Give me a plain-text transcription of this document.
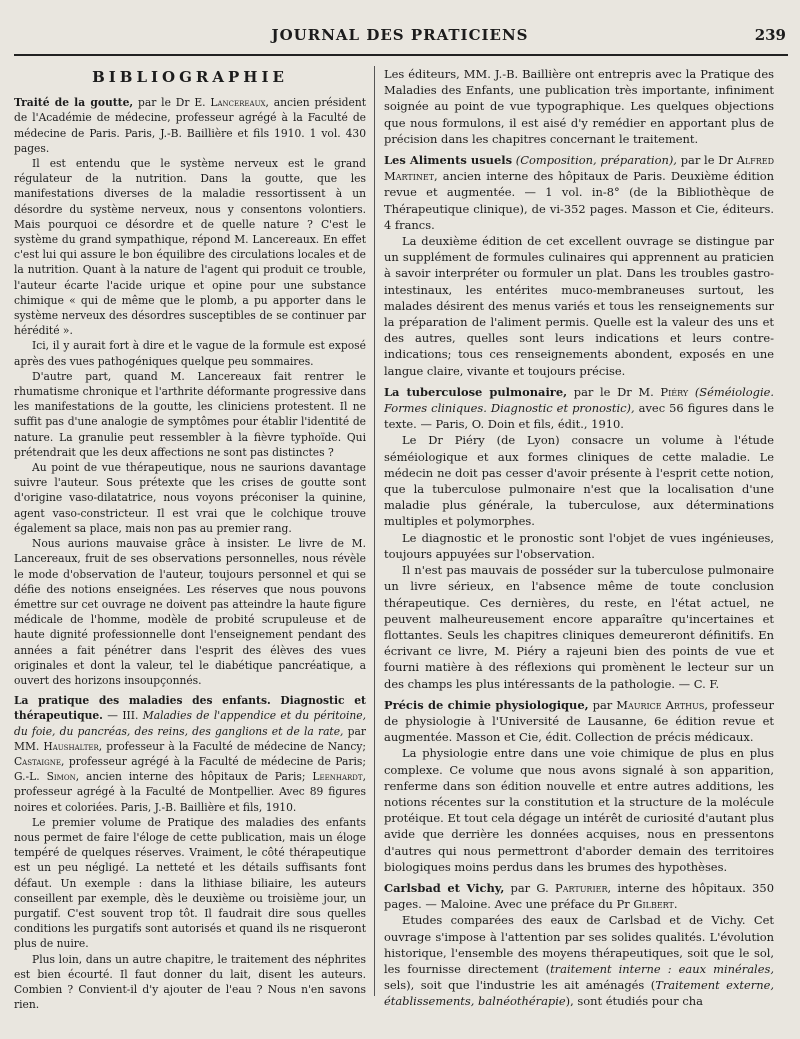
JOURNAL DES PRATICIENS	239
BIBLIOGRAPHIE

Traité de la goutte, par le Dr E. Lancereaux, ancien président de l'Académie de médecine, professeur agrégé à la Faculté de médecine de Paris. Paris, J.-B. Baillière et fils 1910. 1 vol. 430 pages.

Il est entendu que le système nerveux est le grand régulateur de la nutrition. Dans la goutte, que les manifestations diverses de la maladie ressortissent à un désordre du système nerveux, nous y consentons volontiers. Mais pourquoi ce désordre et de quelle nature ? C'est le système du grand sympathique, répond M. Lancereaux. En effet c'est lui qui assure le bon équilibre des circulations locales et de la nutrition. Quant à la nature de l'agent qui produit ce trouble, l'auteur écarte l'acide urique et opine pour une substance chimique « qui de même que le plomb, a pu apporter dans le système nerveux des désordres susceptibles de se continuer par hérédité ».

Ici, il y aurait fort à dire et le vague de la formule est exposé après des vues pathogéniques quelque peu sommaires.

D'autre part, quand M. Lancereaux fait rentrer le rhumatisme chronique et l'arthrite déformante progressive dans les manifestations de la goutte, les cliniciens protestent. Il ne suffit pas d'une analogie de symptômes pour établir l'identité de nature. La granulie peut ressembler à la fièvre typhoïde. Qui prétendrait que les deux affections ne sont pas distinctes ?

Au point de vue thérapeutique, nous ne saurions davantage suivre l'auteur. Sous prétexte que les crises de goutte sont d'origine vaso-dilatatrice, nous voyons préconiser la quinine, agent vaso-constricteur. Il est vrai que le colchique trouve également sa place, mais non pas au premier rang.

Nous aurions mauvaise grâce à insister. Le livre de M. Lancereaux, fruit de ses observations personnelles, nous révèle le mode d'observation de l'auteur, toujours personnel et qui se défie des notions enseignées. Les réserves que nous pouvons émettre sur cet ouvrage ne doivent pas atteindre la haute figure médicale de l'homme, modèle de probité scrupuleuse et de haute dignité professionnelle dont l'enseignement pendant des années a fait pénétrer dans l'esprit des élèves des vues originales et dont la valeur, tel le diabétique pancréatique, a ouvert des horizons insoupçonnés.

La pratique des maladies des enfants. Diagnostic et thérapeutique. — III. Maladies de l'appendice et du péritoine, du foie, du pancréas, des reins, des ganglions et de la rate, par MM. Haushalter, professeur à la Faculté de médecine de Nancy; Castaigne, professeur agrégé à la Faculté de médecine de Paris; G.-L. Simon, ancien interne des hôpitaux de Paris; Leenhardt, professeur agrégé à la Faculté de Montpellier. Avec 89 figures noires et coloriées. Paris, J.-B. Baillière et fils, 1910.

Le premier volume de Pratique des maladies des enfants nous permet de faire l'éloge de cette publication, mais un éloge tempéré de quelques réserves. Vraiment, le côté thérapeutique est un peu négligé. La netteté et les détails suffisants font défaut. Un exemple : dans la lithiase biliaire, les auteurs conseillent par exemple, dès le deuxième ou troisième jour, un purgatif. C'est souvent trop tôt. Il faudrait dire sous quelles conditions les purgatifs sont autorisés et quand ils ne risqueront plus de nuire.

Plus loin, dans un autre chapitre, le traitement des néphrites est bien écourté. Il faut donner du lait, disent les auteurs. Combien ? Convient-il d'y ajouter de l'eau ? Nous n'en savons rien.

Les éditeurs, MM. J.-B. Baillière ont entrepris avec la Pratique des Maladies des Enfants, une publication très importante, infiniment soignée au point de vue typographique. Les quelques objections que nous formulons, il est aisé d'y remédier en apportant plus de précision dans les chapitres concernant le traitement.

Les Aliments usuels (Composition, préparation), par le Dr Alfred Martinet, ancien interne des hôpitaux de Paris. Deuxième édition revue et augmentée. — 1 vol. in-8° (de la Bibliothèque de Thérapeutique clinique), de vi-352 pages. Masson et Cie, éditeurs. 4 francs.

La deuxième édition de cet excellent ouvrage se distingue par un supplément de formules culinaires qui apprennent au praticien à savoir interpréter ou formuler un plat. Dans les troubles gastro-intestinaux, les entérites muco-membraneuses surtout, les malades désirent des menus variés et tous les renseignements sur la préparation de l'aliment permis. Quelle est la valeur des uns et des autres, quelles sont leurs indications et leurs contre-indications; tous ces renseignements abondent, exposés en une langue claire, vivante et toujours précise.

La tuberculose pulmonaire, par le Dr M. Piéry (Séméiologie. Formes cliniques. Diagnostic et pronostic), avec 56 figures dans le texte. — Paris, O. Doin et fils, édit., 1910.

Le Dr Piéry (de Lyon) consacre un volume à l'étude séméiologique et aux formes cliniques de cette maladie. Le médecin ne doit pas cesser d'avoir présente à l'esprit cette notion, que la tuberculose pulmonaire n'est que la localisation d'une maladie plus générale, la tuberculose, aux déterminations multiples et polymorphes.

Le diagnostic et le pronostic sont l'objet de vues ingénieuses, toujours appuyées sur l'observation.

Il n'est pas mauvais de posséder sur la tuberculose pulmonaire un livre sérieux, en l'absence même de toute conclusion thérapeutique. Ces dernières, du reste, en l'état actuel, ne peuvent malheureusement encore apparaître qu'incertaines et flottantes. Seuls les chapitres cliniques demeureront définitifs. En écrivant ce livre, M. Piéry a rajeuni bien des points de vue et fourni matière à des réflexions qui promènent le lecteur sur un des champs les plus intéressants de la pathologie. — C. F.

Précis de chimie physiologique, par Maurice Arthus, professeur de physiologie à l'Université de Lausanne, 6e édition revue et augmentée. Masson et Cie, édit. Collection de précis médicaux.

La physiologie entre dans une voie chimique de plus en plus complexe. Ce volume que nous avons signalé à son apparition, renferme dans son édition nouvelle et entre autres additions, les notions récentes sur la constitution et la structure de la molécule protéique. Et tout cela dégage un intérêt de curiosité d'autant plus avide que derrière les données acquises, nous en pressentons d'autres qui nous permettront d'aborder demain des territoires biologiques moins perdus dans les brumes des hypothèses.

Carlsbad et Vichy, par G. Parturier, interne des hôpitaux. 350 pages. — Maloine. Avec une préface du Pr Gilbert.

Etudes comparées des eaux de Carlsbad et de Vichy. Cet ouvrage s'impose à l'attention par ses solides qualités. L'évolution historique, l'ensemble des moyens thérapeutiques, soit que le sol, les fournisse directement (traitement interne : eaux minérales, sels), soit que l'industrie les ait aménagés (Traitement externe, établissements, balnéothérapie), sont étudiés pour cha
